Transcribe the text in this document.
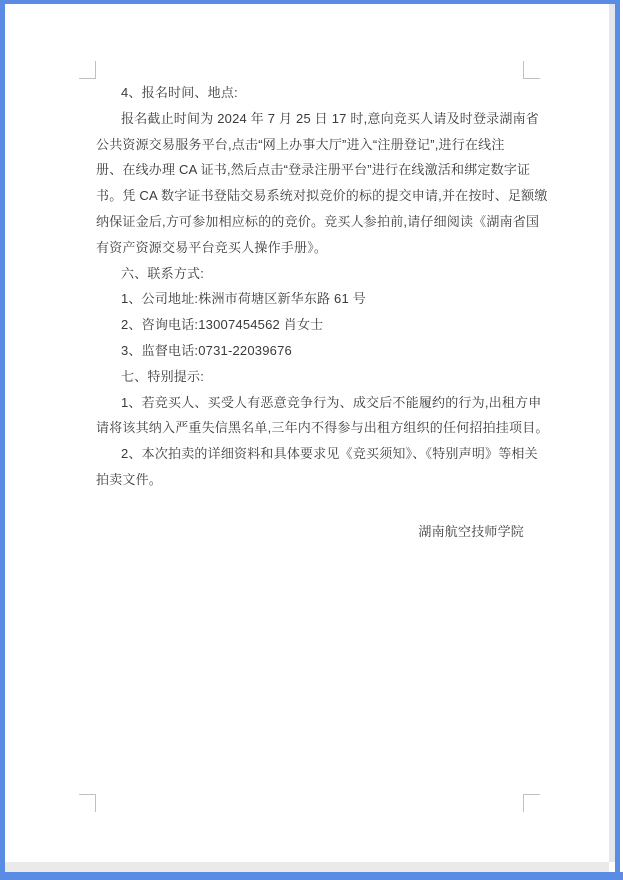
4、报名时间、地点:
报名截止时间为 2024 年 7 月 25 日 17 时,意向竞买人请及时登录湖南省
公共资源交易服务平台,点击“网上办事大厅”进入“注册登记”,进行在线注
册、在线办理 CA 证书,然后点击“登录注册平台”进行在线激活和绑定数字证
书。凭 CA 数字证书登陆交易系统对拟竞价的标的提交申请,并在按时、足额缴
纳保证金后,方可参加相应标的的竞价。竞买人参拍前,请仔细阅读《湖南省国
有资产资源交易平台竞买人操作手册》。
六、联系方式:
1、公司地址:株洲市荷塘区新华东路 61 号
2、咨询电话:13007454562 肖女士
3、监督电话:0731-22039676
七、特别提示:
1、若竞买人、买受人有恶意竞争行为、成交后不能履约的行为,出租方申
请将该其纳入严重失信黑名单,三年内不得参与出租方组织的任何招拍挂项目。
2、本次拍卖的详细资料和具体要求见《竞买须知》、《特别声明》等相关
拍卖文件。
湖南航空技师学院
